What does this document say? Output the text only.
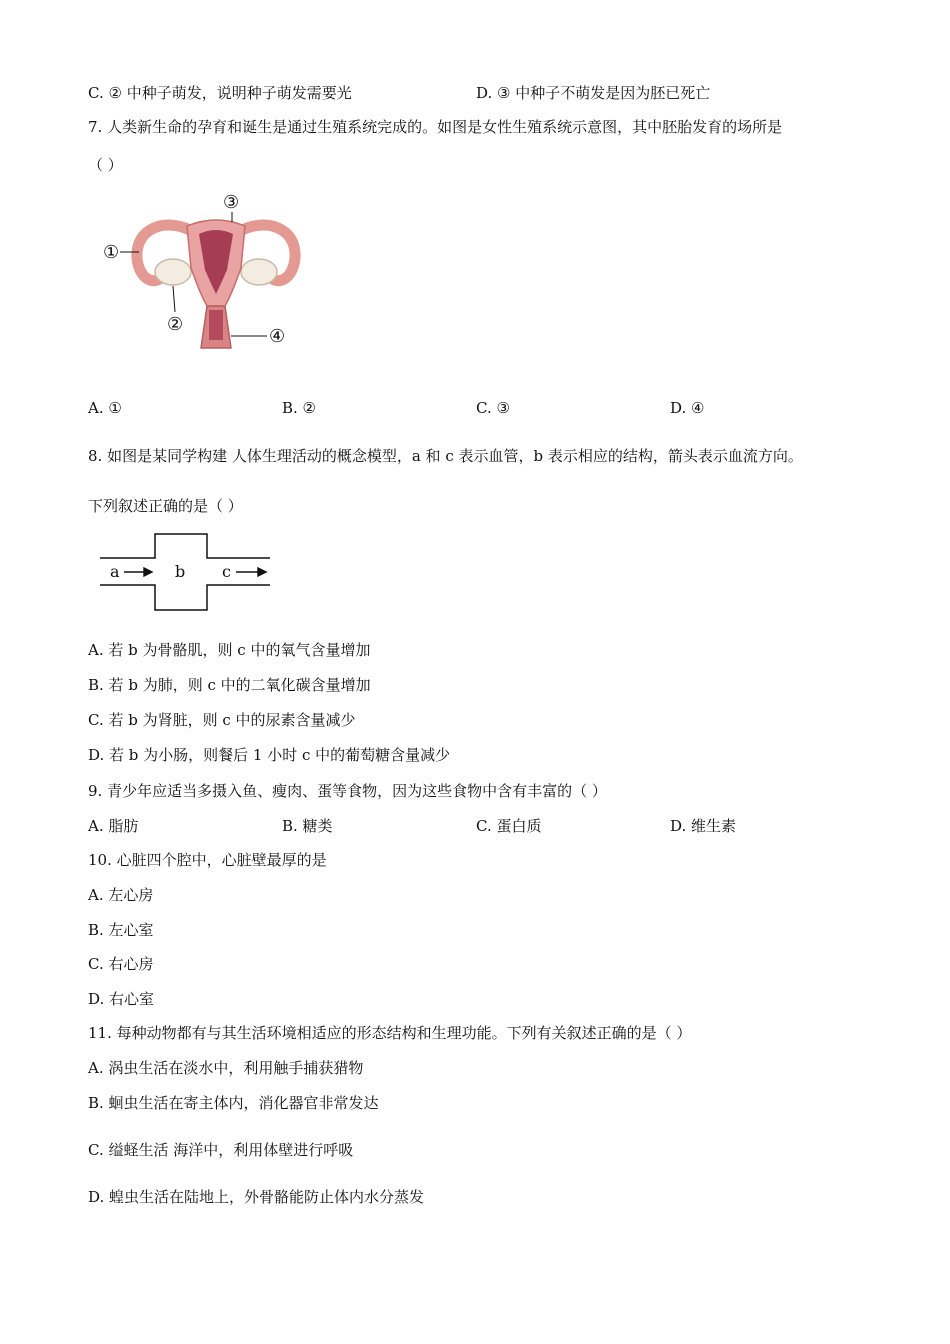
C. ② 中种子萌发，说明种子萌发需要光	D. ③ 中种子不萌发是因为胚已死亡
7. 人类新生命的孕育和诞生是通过生殖系统完成的。如图是女性生殖系统示意图，其中胚胎发育的场所是
（ ）
①
②
③
④
A. ①	B. ②	C. ③	D. ④
8. 如图是某同学构建 人体生理活动的概念模型，a 和 c 表示血管，b 表示相应的结构，箭头表示血流方向。
下列叙述正确的是（ ）
a	b c
A. 若 b 为骨骼肌，则 c 中的氧气含量增加
B. 若 b 为肺，则 c 中的二氧化碳含量增加
C. 若 b 为肾脏，则 c 中的尿素含量减少
D. 若 b 为小肠，则餐后 1 小时 c 中的葡萄糖含量减少
9. 青少年应适当多摄入鱼、瘦肉、蛋等食物，因为这些食物中含有丰富的（ ）
A. 脂肪	B. 糖类	C. 蛋白质	D. 维生素
10. 心脏四个腔中，心脏壁最厚的是
A. 左心房
B. 左心室
C. 右心房
D. 右心室
11. 每种动物都有与其生活环境相适应的形态结构和生理功能。下列有关叙述正确的是（ ）
A. 涡虫生活在淡水中，利用触手捕获猎物
B. 蛔虫生活在寄主体内，消化器官非常发达
C. 缢蛏生活 海洋中，利用体壁进行呼吸
D. 蝗虫生活在陆地上，外骨骼能防止体内水分蒸发
